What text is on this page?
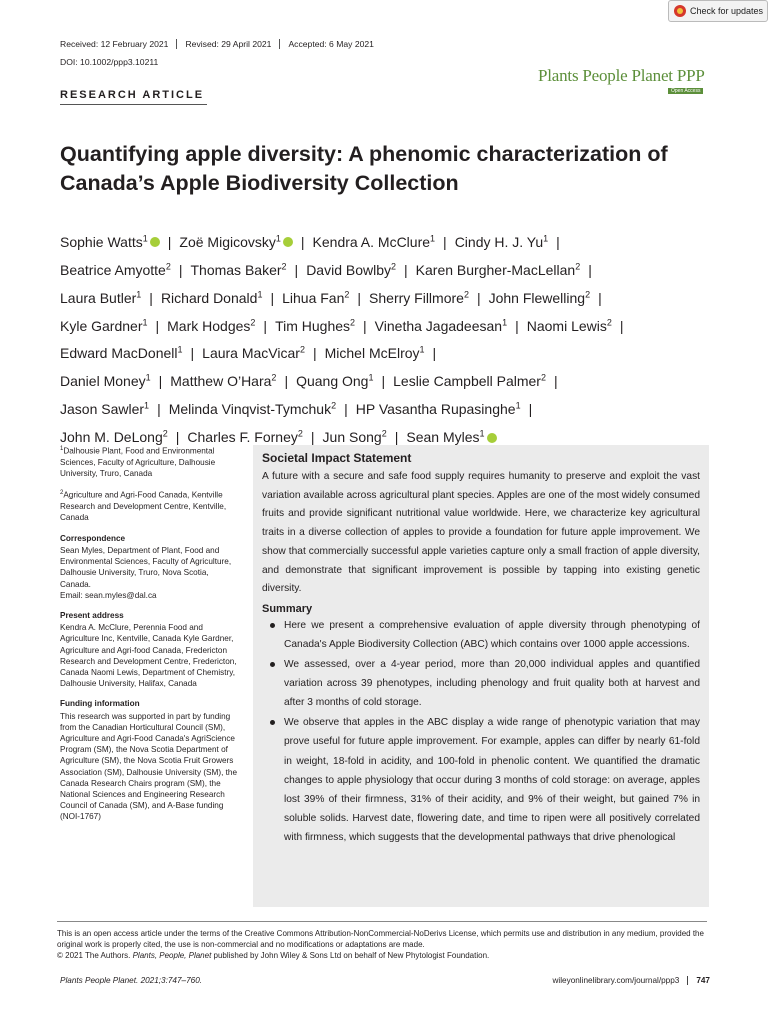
Check for updates
Received: 12 February 2021	Revised: 29 April 2021	Accepted: 6 May 2021
DOI: 10.1002/ppp3.10211
Plants People Planet PPP
Open Access
RESEARCH ARTICLE
Quantifying apple diversity: A phenomic characterization of Canada’s Apple Biodiversity Collection
Sophie Watts$^1$ | Zoë Migicovsky$^1$ | Kendra A. McClure$^1$ | Cindy H. J. Yu$^1$ |
Beatrice Amyotte$^2$ | Thomas Baker$^2$ | David Bowlby$^2$ | Karen Burgher-MacLellan$^2$ |
Laura Butler$^1$ | Richard Donald$^1$ | Lihua Fan$^2$ | Sherry Fillmore$^2$ | John Flewelling$^2$ |
Kyle Gardner$^1$ | Mark Hodges$^2$ | Tim Hughes$^2$ | Vinetha Jagadeesan$^1$ | Naomi Lewis$^2$ |
Edward MacDonell$^1$ | Laura MacVicar$^2$ | Michel McElroy$^1$ |
Daniel Money$^1$ | Matthew O’Hara$^2$ | Quang Ong$^1$ | Leslie Campbell Palmer$^2$ |
Jason Sawler$^1$ | Melinda Vinqvist-Tymchuk$^2$ | HP Vasantha Rupasinghe$^1$ |
John M. DeLong$^2$ | Charles F. Forney$^2$ | Jun Song$^2$ | Sean Myles$^1$
$^1$Dalhousie Plant, Food and Environmental Sciences, Faculty of Agriculture, Dalhousie University, Truro, Canada
$^2$Agriculture and Agri-Food Canada, Kentville Research and Development Centre, Kentville, Canada
Correspondence
Sean Myles, Department of Plant, Food and Environmental Sciences, Faculty of Agriculture, Dalhousie University, Truro, Nova Scotia, Canada.
Email: sean.myles@dal.ca
Present address
Kendra A. McClure, Perennia Food and Agriculture Inc, Kentville, Canada Kyle Gardner, Agriculture and Agri-food Canada, Fredericton Research and Development Centre, Fredericton, Canada Naomi Lewis, Department of Chemistry, Dalhousie University, Halifax, Canada
Funding information
This research was supported in part by funding from the Canadian Horticultural Council (SM), Agriculture and Agri-Food Canada's AgriScience Program (SM), the Nova Scotia Department of Agriculture (SM), the Nova Scotia Fruit Growers Association (SM), Dalhousie University (SM), the Canada Research Chairs program (SM), the National Sciences and Engineering Research Council of Canada (SM), and A-Base funding (NOI-1767)
Societal Impact Statement

A future with a secure and safe food supply requires humanity to preserve and exploit the vast variation available across agricultural plant species. Apples are one of the most widely consumed fruits and provide significant nutritional value worldwide. Here, we characterize key agricultural traits in a diverse collection of apples to provide a foundation for future apple improvement. We show that commercially successful apple varieties capture only a small fraction of apple diversity, and demonstrate that significant improvement is possible by tapping into existing genetic diversity.

Summary
Here we present a comprehensive evaluation of apple diversity through phenotyping of Canada's Apple Biodiversity Collection (ABC) which contains over 1000 apple accessions.
We assessed, over a 4-year period, more than 20,000 individual apples and quantified variation across 39 phenotypes, including phenology and fruit quality both at harvest and after 3 months of cold storage.
We observe that apples in the ABC display a wide range of phenotypic variation that may prove useful for future apple improvement. For example, apples can differ by nearly 61-fold in weight, 18-fold in acidity, and 100-fold in phenolic content. We quantified the dramatic changes to apple physiology that occur during 3 months of cold storage: on average, apples lost 39% of their firmness, 31% of their acidity, and 9% of their weight, but gained 7% in soluble solids. Harvest date, flowering date, and time to ripen were all positively correlated with firmness, which suggests that the developmental pathways that drive phenological
This is an open access article under the terms of the Creative Commons Attribution-NonCommercial-NoDerivs License, which permits use and distribution in any medium, provided the original work is properly cited, the use is non-commercial and no modifications or adaptations are made.
© 2021 The Authors. Plants, People, Planet published by John Wiley & Sons Ltd on behalf of New Phytologist Foundation.
Plants People Planet. 2021;3:747–760.	wileyonlinelibrary.com/journal/ppp3	747
